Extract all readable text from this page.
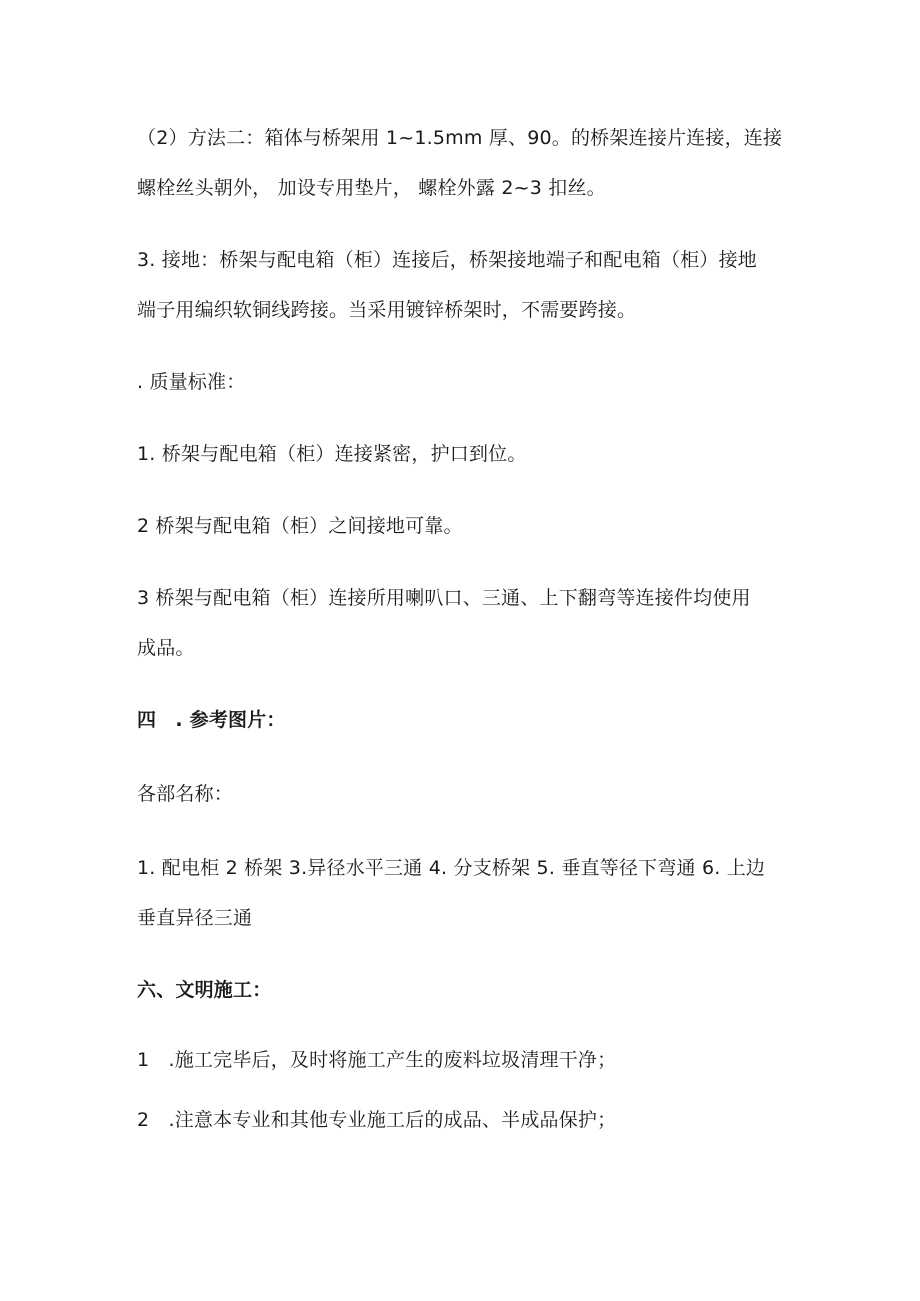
（2）方法二：箱体与桥架用 1~1.5mm 厚、90。的桥架连接片连接，连接
螺栓丝头朝外， 加设专用垫片， 螺栓外露 2~3 扣丝。
3. 接地：桥架与配电箱（柜）连接后，桥架接地端子和配电箱（柜）接地
端子用编织软铜线跨接。当采用镀锌桥架时，不需要跨接。
. 质量标准：
1. 桥架与配电箱（柜）连接紧密，护口到位。
2 桥架与配电箱（柜）之间接地可靠。
3 桥架与配电箱（柜）连接所用喇叭口、三通、上下翻弯等连接件均使用
成品。
四　. 参考图片：
各部名称：
1. 配电柜 2 桥架 3.异径水平三通 4. 分支桥架 5. 垂直等径下弯通 6. 上边
垂直异径三通
六、文明施工：
1　.施工完毕后，及时将施工产生的废料垃圾清理干净；
2　.注意本专业和其他专业施工后的成品、半成品保护；
